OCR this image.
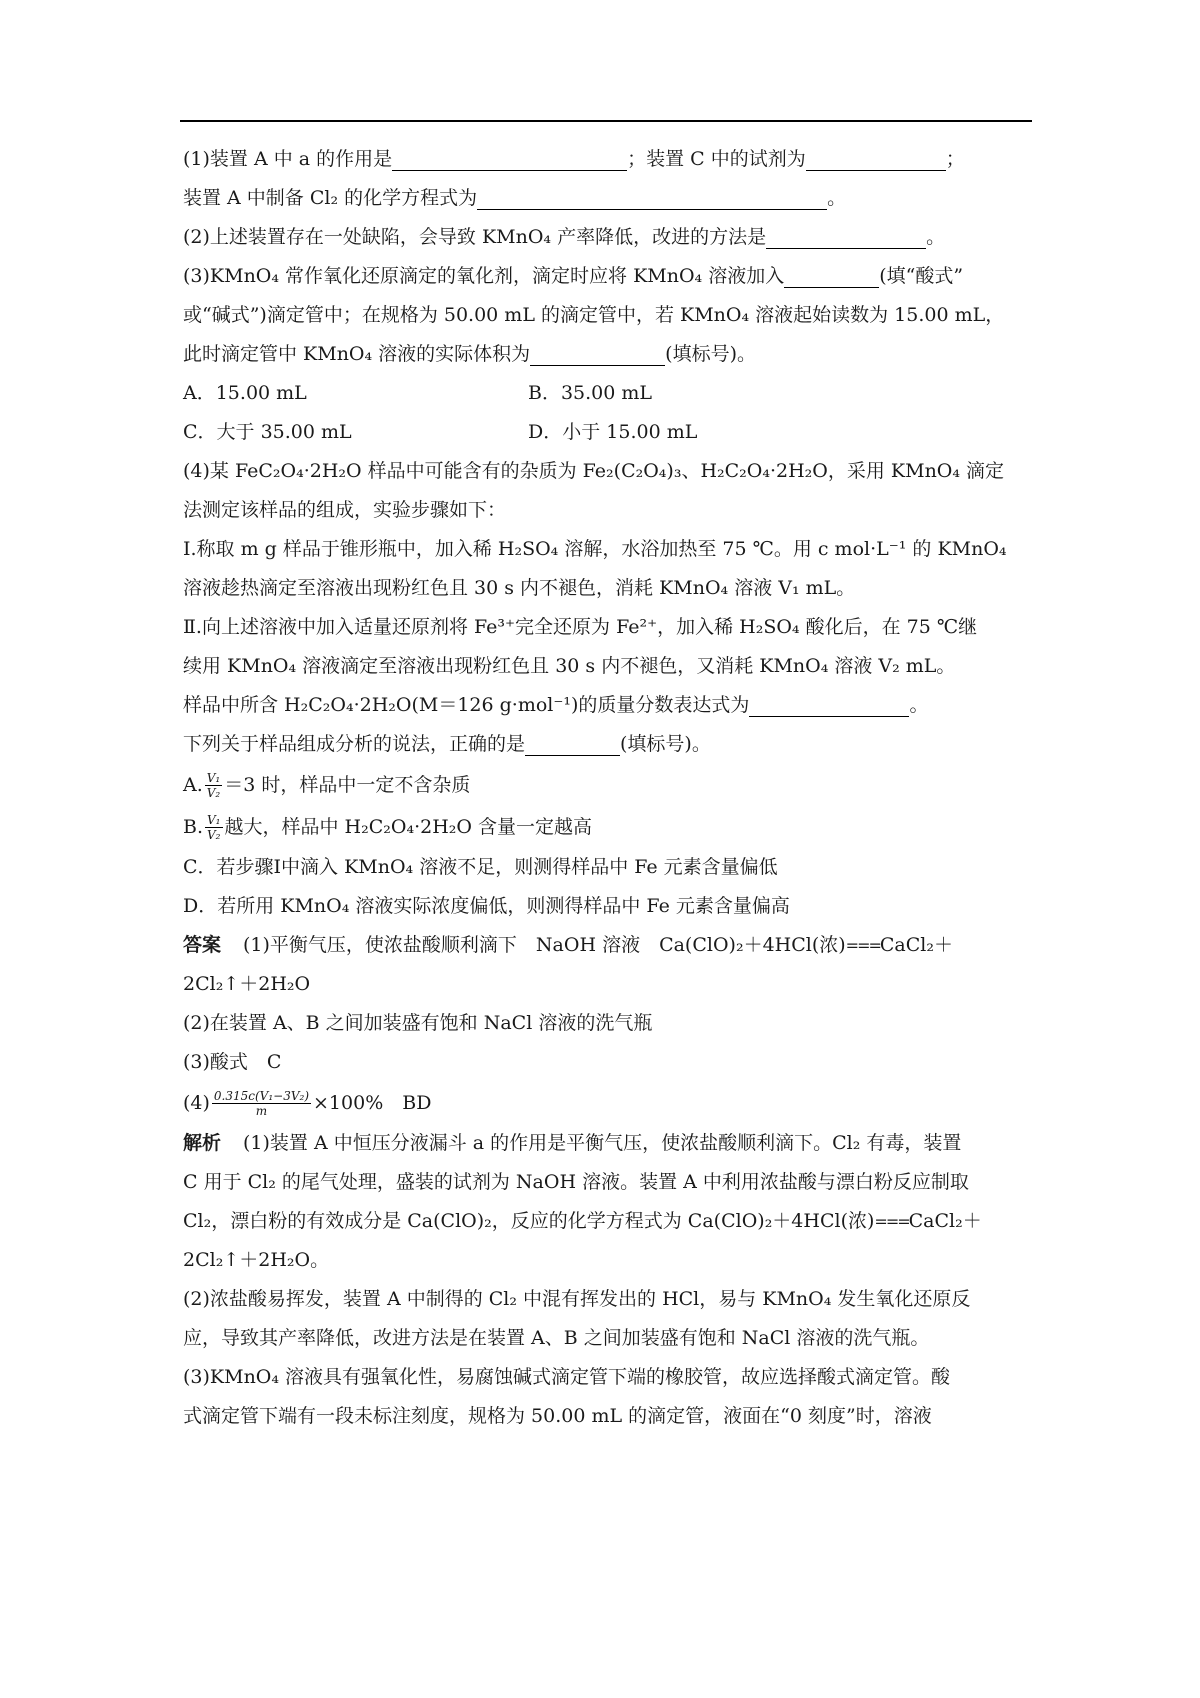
(1)装置 A 中 a 的作用是	；装置 C 中的试剂为	；
装置 A 中制备 Cl₂ 的化学方程式为	。
(2)上述装置存在一处缺陷，会导致 KMnO₄ 产率降低，改进的方法是	。
(3)KMnO₄ 常作氧化还原滴定的氧化剂，滴定时应将 KMnO₄ 溶液加入	(填“酸式”
或“碱式”)滴定管中；在规格为 50.00 mL 的滴定管中，若 KMnO₄ 溶液起始读数为 15.00 mL，
此时滴定管中 KMnO₄ 溶液的实际体积为	(填标号)。
A．15.00 mL	B．35.00 mL
C．大于 35.00 mL	D．小于 15.00 mL
(4)某 FeC₂O₄·2H₂O 样品中可能含有的杂质为 Fe₂(C₂O₄)₃、H₂C₂O₄·2H₂O，采用 KMnO₄ 滴定
法测定该样品的组成，实验步骤如下：
Ⅰ.称取 m g 样品于锥形瓶中，加入稀 H₂SO₄ 溶解，水浴加热至 75 ℃。用 c mol·L⁻¹ 的 KMnO₄
溶液趁热滴定至溶液出现粉红色且 30 s 内不褪色，消耗 KMnO₄ 溶液 V₁ mL。
Ⅱ.向上述溶液中加入适量还原剂将 Fe³⁺完全还原为 Fe²⁺，加入稀 H₂SO₄ 酸化后，在 75 ℃继
续用 KMnO₄ 溶液滴定至溶液出现粉红色且 30 s 内不褪色，又消耗 KMnO₄ 溶液 V₂ mL。
样品中所含 H₂C₂O₄·2H₂O(M＝126 g·mol⁻¹)的质量分数表达式为	。
下列关于样品组成分析的说法，正确的是	(填标号)。
A. $\frac{\text{V₁}}{\text{V₂}} =3$ 时，样品中一定不含杂质
B. $\frac{\text{V₁}}{\text{V₂}}$ 越大，样品中 H₂C₂O₄·2H₂O 含量一定越高
C．若步骤Ⅰ中滴入 KMnO₄ 溶液不足，则测得样品中 Fe 元素含量偏低
D．若所用 KMnO₄ 溶液实际浓度偏低，则测得样品中 Fe 元素含量偏高
答案 (1)平衡气压，使浓盐酸顺利滴下　NaOH 溶液　Ca(ClO)₂＋4HCl(浓) === CaCl₂＋
2Cl₂↑＋2H₂O
(2)在装置 A、B 之间加装盛有饱和 NaCl 溶液的洗气瓶
(3)酸式　C
$(4) \frac{\text{0.315c(V₁−3V₂)}}{m} \times 100\%$　BD
解析 (1)装置 A 中恒压分液漏斗 a 的作用是平衡气压，使浓盐酸顺利滴下。Cl₂ 有毒，装置
C 用于 Cl₂ 的尾气处理，盛装的试剂为 NaOH 溶液。装置 A 中利用浓盐酸与漂白粉反应制取
Cl₂，漂白粉的有效成分是 Ca(ClO)₂，反应的化学方程式为 Ca(ClO)₂＋4HCl(浓) === CaCl₂＋
2Cl₂↑＋2H₂O。
(2)浓盐酸易挥发，装置 A 中制得的 Cl₂ 中混有挥发出的 HCl，易与 KMnO₄ 发生氧化还原反
应，导致其产率降低，改进方法是在装置 A、B 之间加装盛有饱和 NaCl 溶液的洗气瓶。
(3)KMnO₄ 溶液具有强氧化性，易腐蚀碱式滴定管下端的橡胶管，故应选择酸式滴定管。酸
式滴定管下端有一段未标注刻度，规格为 50.00 mL 的滴定管，液面在“0 刻度”时，溶液
